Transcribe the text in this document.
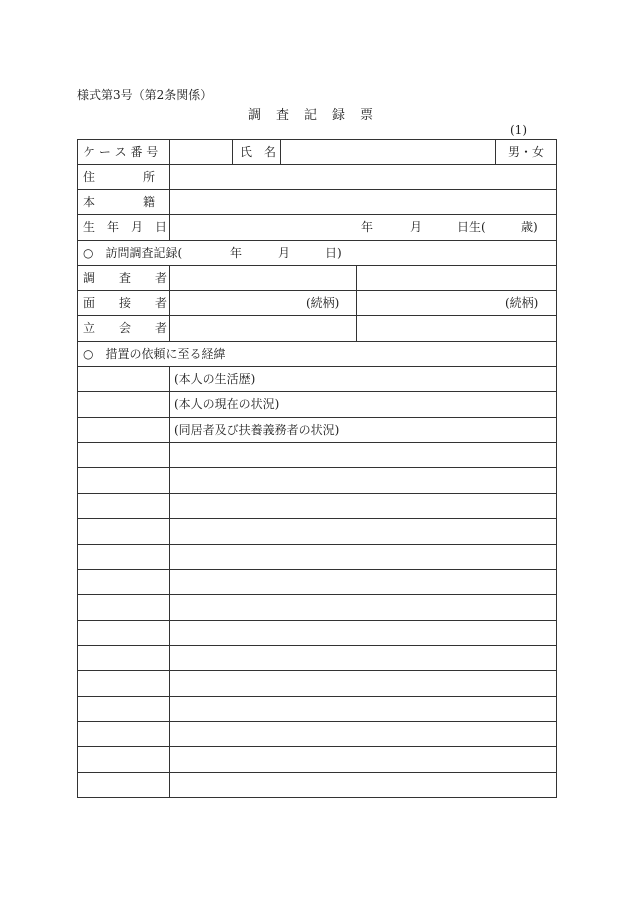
様式第3号（第2条関係）
調　査　記　録　票
(1)
ケ ー ス 番 号	氏　名	男・女
住　　　　所
本　　　　籍
生　年　月　日	年	月	日生(	歳)
○　訪問調査記録(	年	月	日)
調　　査　　者
面　　接　　者	(続柄)	(続柄)
立　　会　　者
○　措置の依頼に至る経緯
(本人の生活歴)
(本人の現在の状況)
(同居者及び扶養義務者の状況)
